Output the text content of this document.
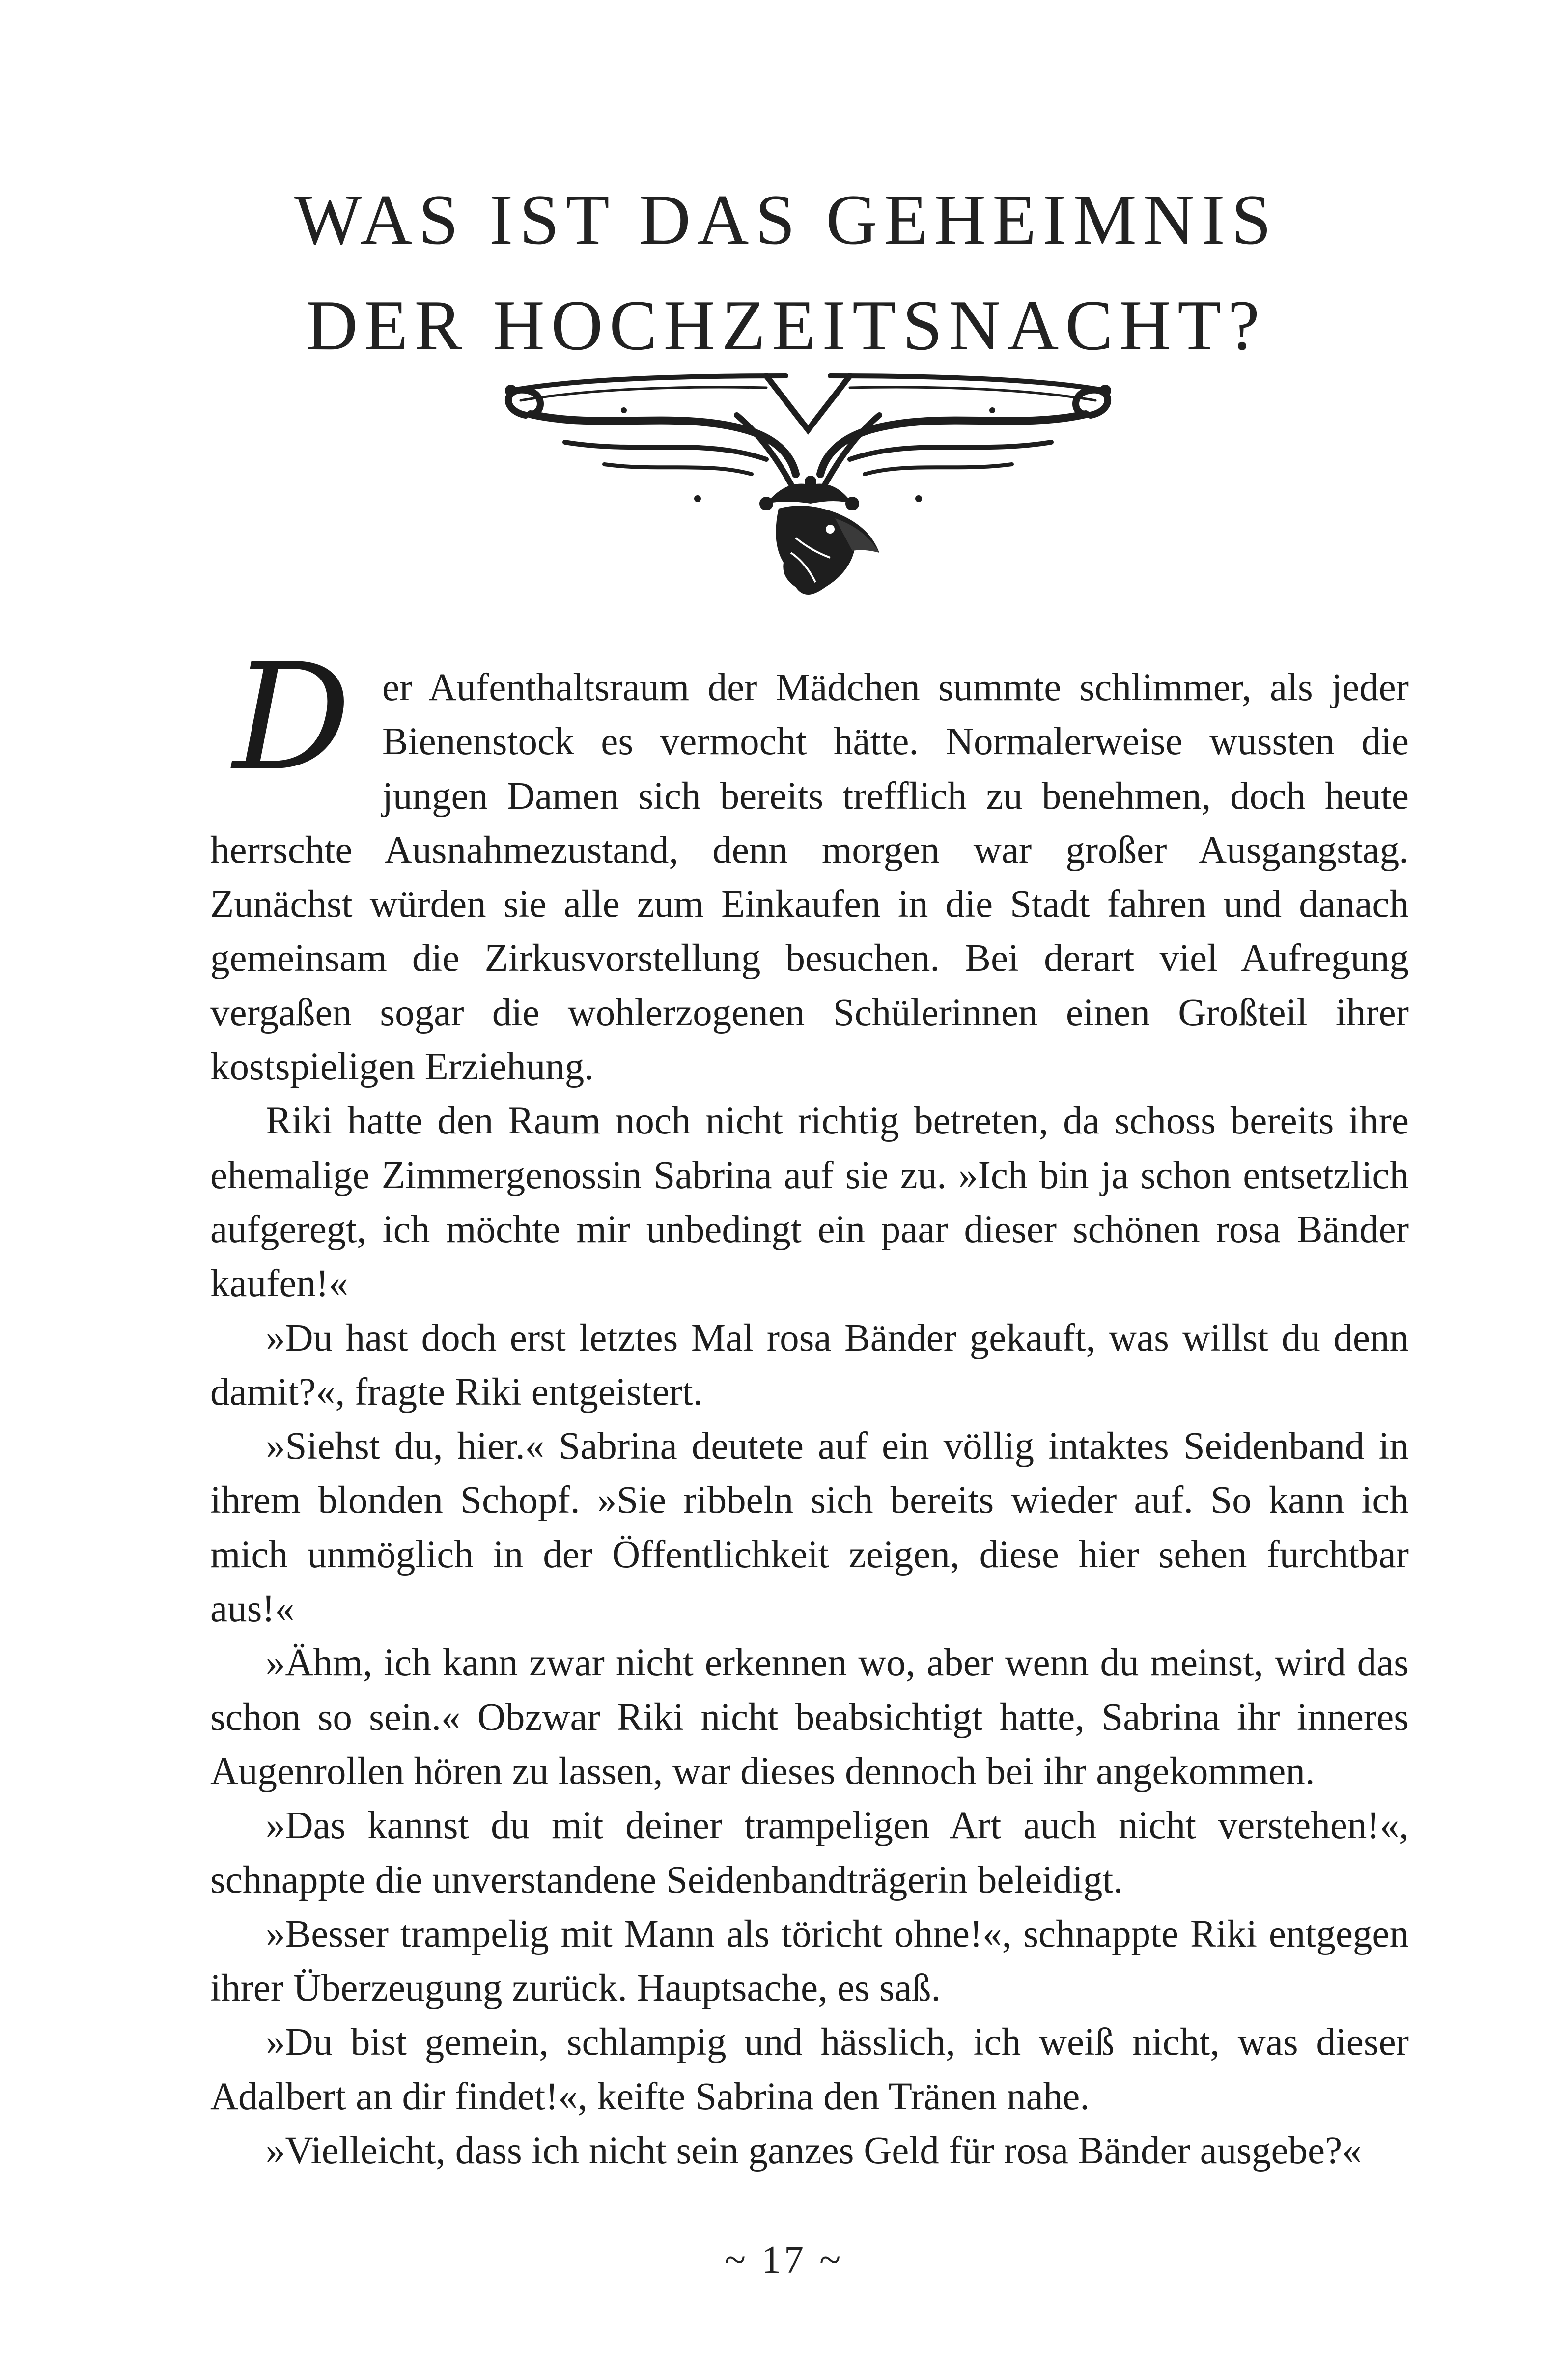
WAS IST DAS GEHEIMNIS
DER HOCHZEITSNACHT?

Der Aufenthaltsraum der Mädchen summte schlimmer, als jeder Bienenstock es vermocht hätte. Normalerweise wussten die jungen Damen sich bereits trefflich zu benehmen, doch heute herrschte Ausnahmezustand, denn morgen war großer Ausgangstag. Zunächst würden sie alle zum Einkaufen in die Stadt fahren und danach gemeinsam die Zirkusvorstellung besuchen. Bei derart viel Aufregung vergaßen sogar die wohlerzogenen Schülerinnen einen Großteil ihrer kostspieligen Erziehung.

Riki hatte den Raum noch nicht richtig betreten, da schoss bereits ihre ehemalige Zimmergenossin Sabrina auf sie zu. »Ich bin ja schon entsetzlich aufgeregt, ich möchte mir unbedingt ein paar dieser schönen rosa Bänder kaufen!«

»Du hast doch erst letztes Mal rosa Bänder gekauft, was willst du denn damit?«, fragte Riki entgeistert.

»Siehst du, hier.« Sabrina deutete auf ein völlig intaktes Seidenband in ihrem blonden Schopf. »Sie ribbeln sich bereits wieder auf. So kann ich mich unmöglich in der Öffentlichkeit zeigen, diese hier sehen furchtbar aus!«

»Ähm, ich kann zwar nicht erkennen wo, aber wenn du meinst, wird das schon so sein.« Obzwar Riki nicht beabsichtigt hatte, Sabrina ihr inneres Augenrollen hören zu lassen, war dieses dennoch bei ihr angekommen.

»Das kannst du mit deiner trampeligen Art auch nicht verstehen!«, schnappte die unverstandene Seidenbandträgerin beleidigt.

»Besser trampelig mit Mann als töricht ohne!«, schnappte Riki entgegen ihrer Überzeugung zurück. Hauptsache, es saß.

»Du bist gemein, schlampig und hässlich, ich weiß nicht, was dieser Adalbert an dir findet!«, keifte Sabrina den Tränen nahe.

»Vielleicht, dass ich nicht sein ganzes Geld für rosa Bänder ausgebe?«

~ 17 ~
